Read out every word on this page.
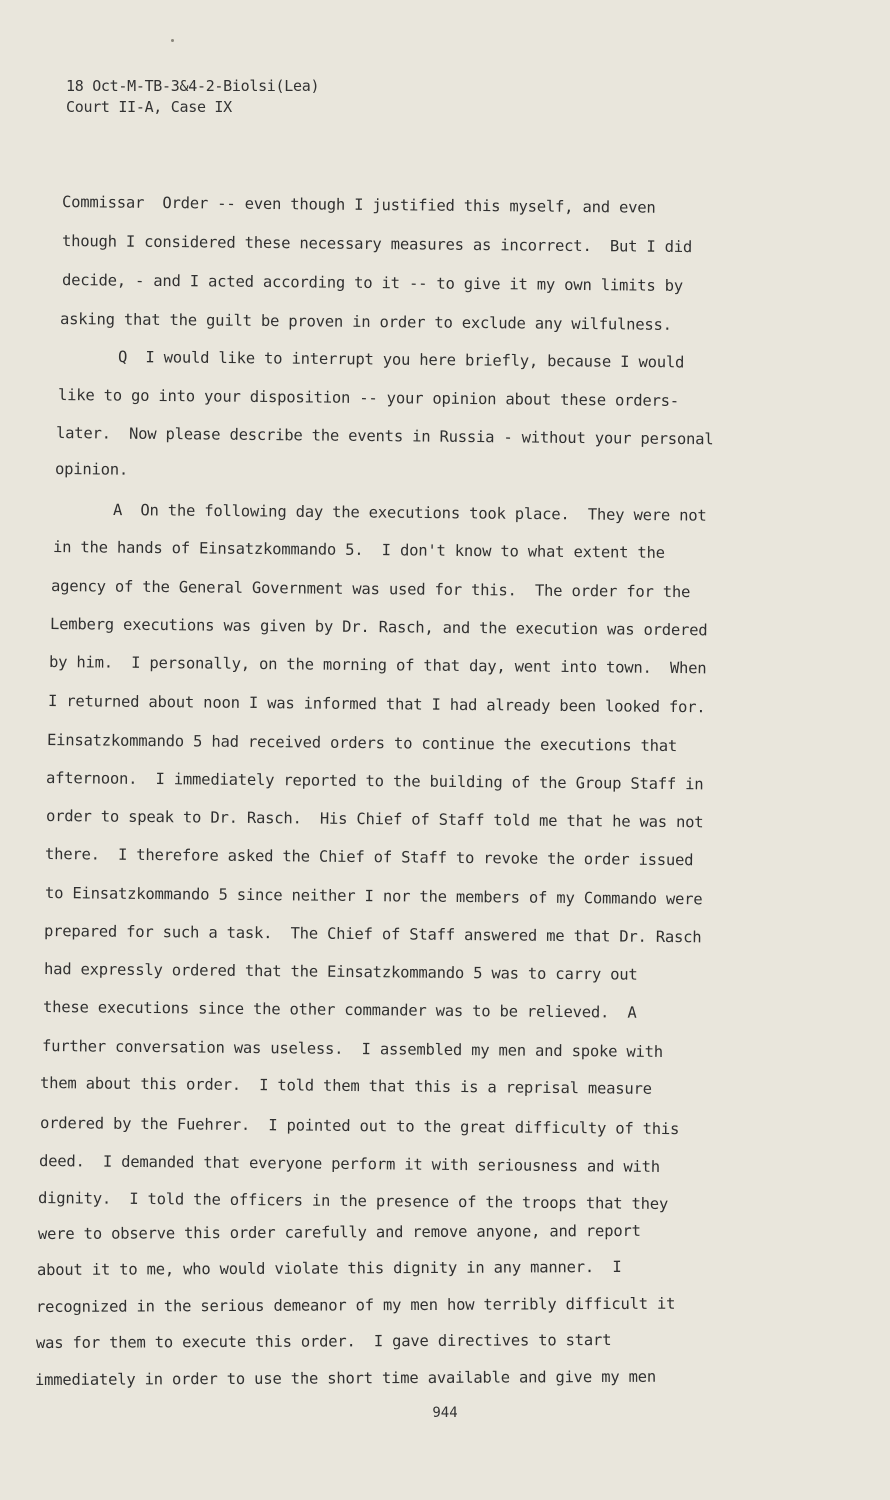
18 Oct-M-TB-3&4-2-Biolsi(Lea)
Court II-A, Case IX
Commissar  Order -- even though I justified this myself, and even
though I considered these necessary measures as incorrect.  But I did
decide, - and I acted according to it -- to give it my own limits by
asking that the guilt be proven in order to exclude any wilfulness.
Q  I would like to interrupt you here briefly, because I would
like to go into your disposition -- your opinion about these orders-
later.  Now please describe the events in Russia - without your personal
opinion.
A  On the following day the executions took place.  They were not
in the hands of Einsatzkommando 5.  I don't know to what extent the
agency of the General Government was used for this.  The order for the
Lemberg executions was given by Dr. Rasch, and the execution was ordered
by him.  I personally, on the morning of that day, went into town.  When
I returned about noon I was informed that I had already been looked for.
Einsatzkommando 5 had received orders to continue the executions that
afternoon.  I immediately reported to the building of the Group Staff in
order to speak to Dr. Rasch.  His Chief of Staff told me that he was not
there.  I therefore asked the Chief of Staff to revoke the order issued
to Einsatzkommando 5 since neither I nor the members of my Commando were
prepared for such a task.  The Chief of Staff answered me that Dr. Rasch
had expressly ordered that the Einsatzkommando 5 was to carry out
these executions since the other commander was to be relieved.  A
further conversation was useless.  I assembled my men and spoke with
them about this order.  I told them that this is a reprisal measure
ordered by the Fuehrer.  I pointed out to the great difficulty of this
deed.  I demanded that everyone perform it with seriousness and with
dignity.  I told the officers in the presence of the troops that they
were to observe this order carefully and remove anyone, and report
about it to me, who would violate this dignity in any manner.  I
recognized in the serious demeanor of my men how terribly difficult it
was for them to execute this order.  I gave directives to start
immediately in order to use the short time available and give my men
944
